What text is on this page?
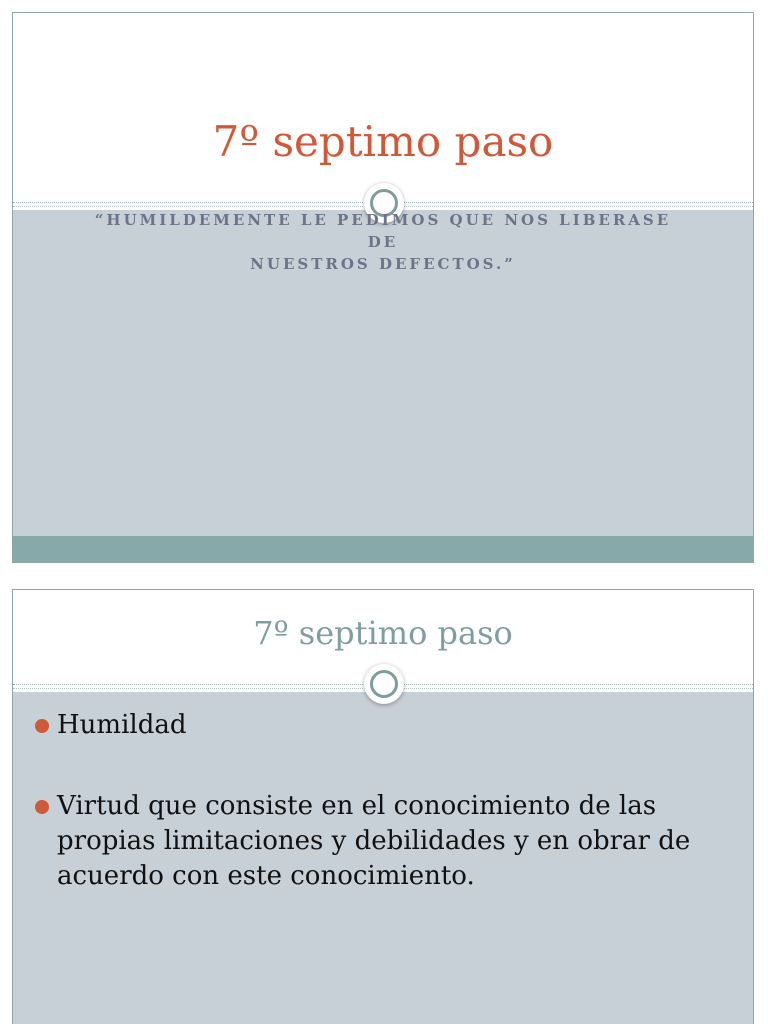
7º septimo paso
“HUMILDEMENTE LE PEDIMOS QUE NOS LIBERASE
DE
NUESTROS DEFECTOS.”
7º septimo paso
Humildad
Virtud que consiste en el conocimiento de las propias limitaciones y debilidades y en obrar de acuerdo con este conocimiento.
